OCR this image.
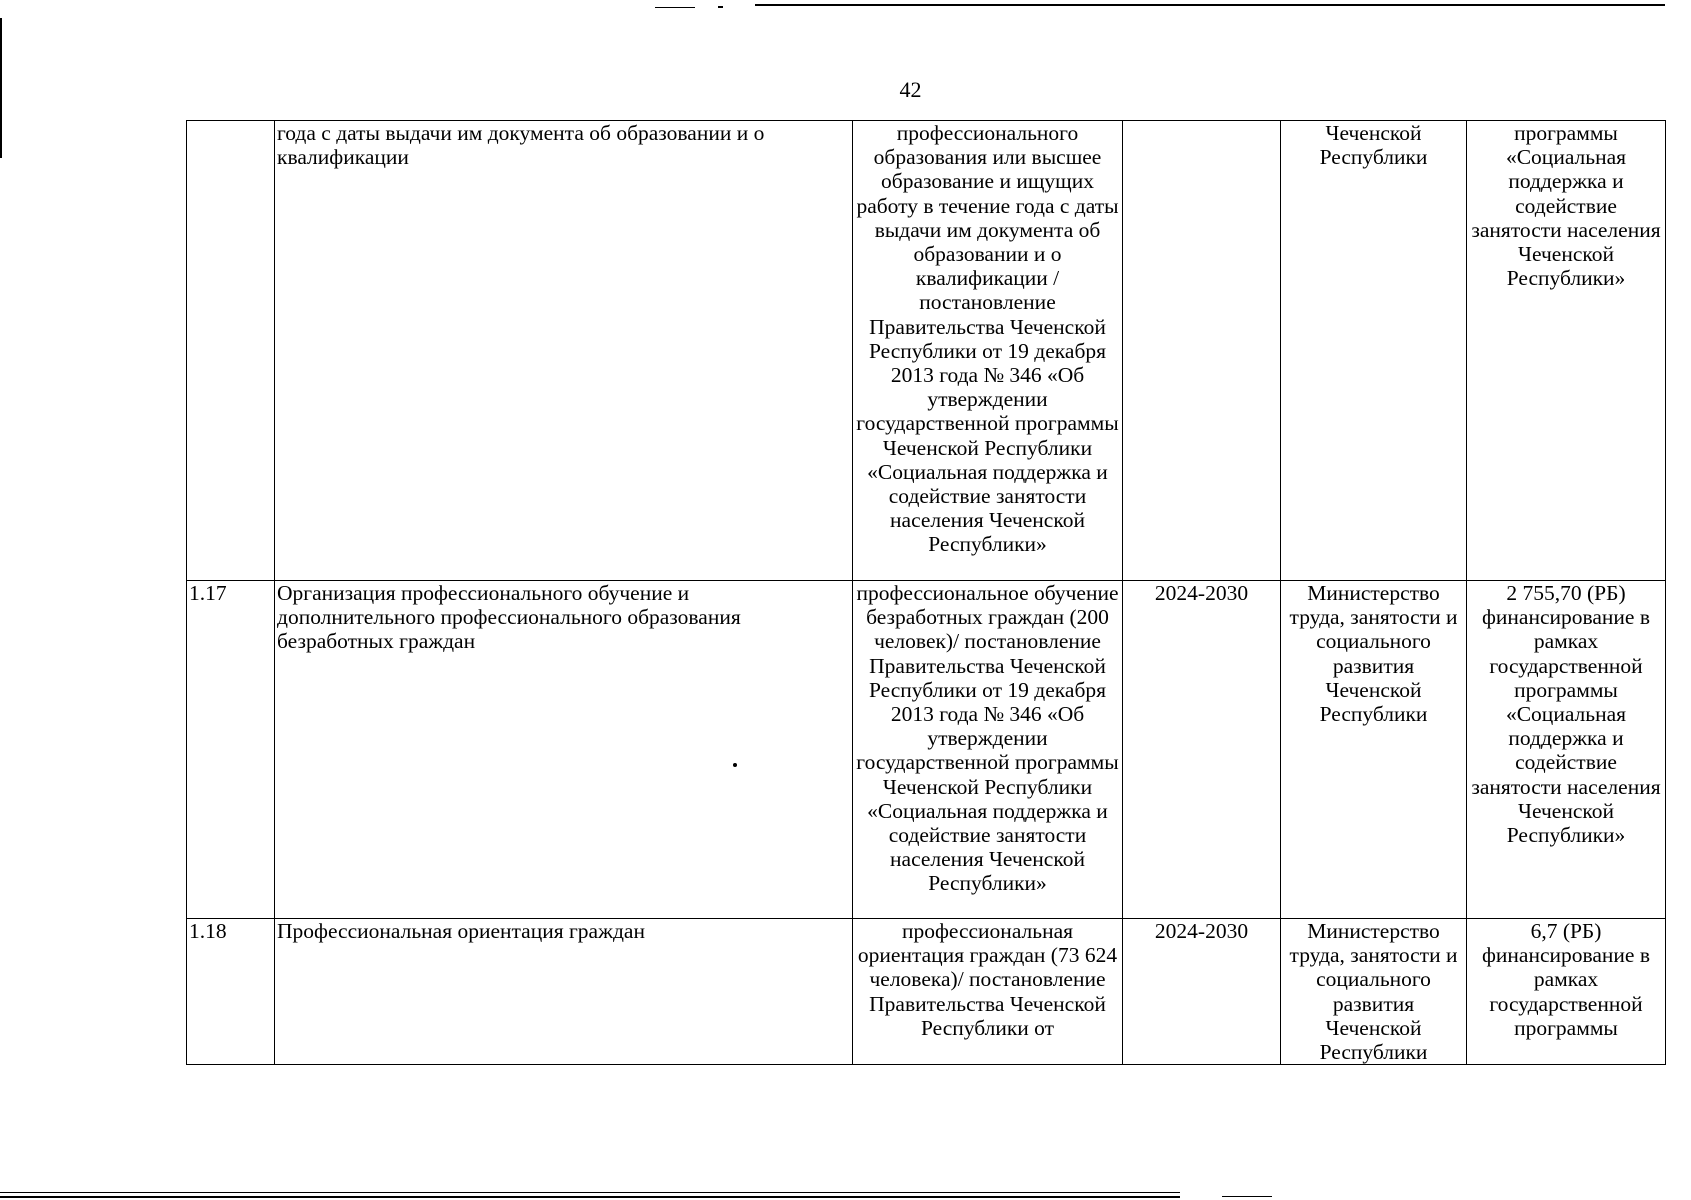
42
	года с даты выдачи им документа об образовании и о квалификации	профессионального образования или высшее образование и ищущих работу в течение года с даты выдачи им документа об образовании и о квалификации / постановление Правительства Чеченской Республики от 19 декабря 2013 года № 346 «Об утверждении государственной программы Чеченской Республики «Социальная поддержка и содействие занятости населения Чеченской Республики»		Чеченской Республики	программы «Социальная поддержка и содействие занятости населения Чеченской Республики»
1.17	Организация профессионального обучение и дополнительного профессионального образования безработных граждан	профессиональное обучение безработных граждан (200 человек)/ постановление Правительства Чеченской Республики от 19 декабря 2013 года № 346 «Об утверждении государственной программы Чеченской Республики «Социальная поддержка и содействие занятости населения Чеченской Республики»	2024-2030	Министерство труда, занятости и социального развития Чеченской Республики	2 755,70 (РБ) финансирование в рамках государственной программы «Социальная поддержка и содействие занятости населения Чеченской Республики»
1.18	Профессиональная ориентация граждан	профессиональная ориентация граждан (73 624 человека)/ постановление Правительства Чеченской Республики от	2024-2030	Министерство труда, занятости и социального развития Чеченской Республики	6,7 (РБ) финансирование в рамках государственной программы
